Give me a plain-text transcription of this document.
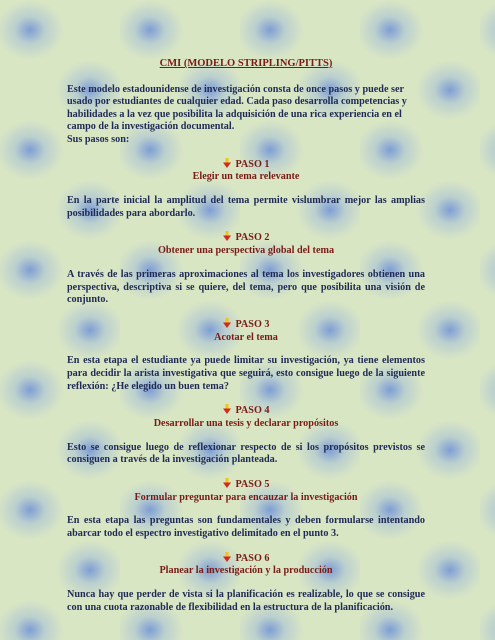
CMI (MODELO STRIPLING/PITTS)

Este modelo estadounidense de investigación consta de once pasos y puede ser usado por estudiantes de cualquier edad. Cada paso desarrolla competencias y habilidades a la vez que posibilita la adquisición de una rica experiencia en el campo de la investigación documental.

Sus pasos son:

PASO 1
Elegir un tema relevante

En la parte inicial la amplitud del tema permite vislumbrar mejor las amplias posibilidades para abordarlo.

PASO 2
Obtener una perspectiva global del tema

A través de las primeras aproximaciones al tema los investigadores obtienen una perspectiva, descriptiva si se quiere, del tema, pero que posibilita una visión de conjunto.

PASO 3
Acotar el tema

En esta etapa el estudiante ya puede limitar su investigación, ya tiene elementos para decidir la arista investigativa que seguirá, esto consigue luego de la siguiente reflexión: ¿He elegido un buen tema?

PASO 4
Desarrollar una tesis y declarar propósitos

Esto se consigue luego de reflexionar respecto de si los propósitos previstos se consiguen a través de la investigación planteada.

PASO 5
Formular preguntar para encauzar la investigación

En esta etapa las preguntas son fundamentales y deben formularse intentando abarcar todo el espectro investigativo delimitado en el punto 3.

PASO 6
Planear la investigación y la producción

Nunca hay que perder de vista si la planificación es realizable, lo que se consigue con una cuota razonable de flexibilidad en la estructura de la planificación.
